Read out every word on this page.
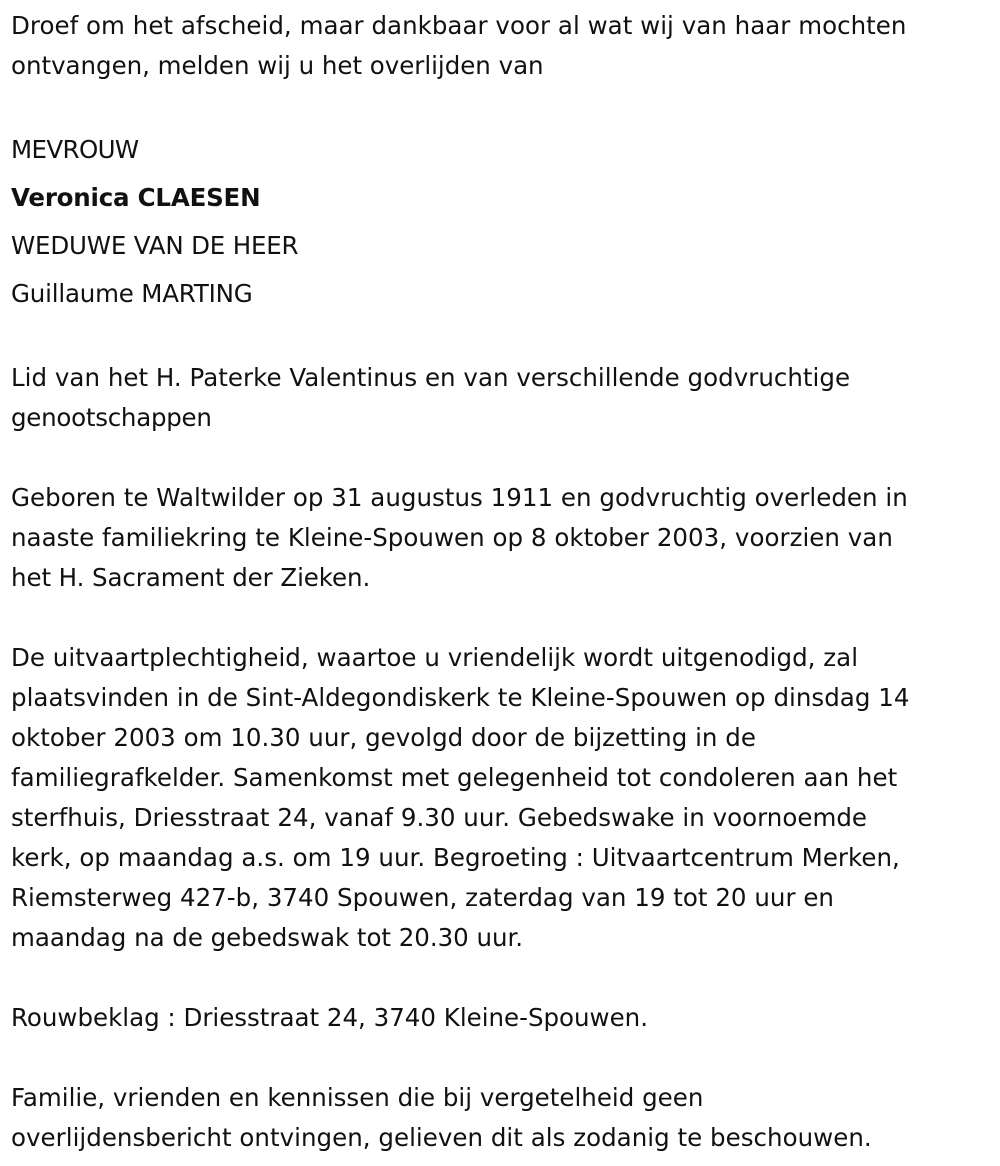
Droef om het afscheid, maar dankbaar voor al wat wij van haar mochten

ontvangen, melden wij u het overlijden van

MEVROUW

Veronica CLAESEN

WEDUWE VAN DE HEER

Guillaume MARTING

Lid van het H. Paterke Valentinus en van verschillende godvruchtige

genootschappen

Geboren te Waltwilder op 31 augustus 1911 en godvruchtig overleden in

naaste familiekring te Kleine-Spouwen op 8 oktober 2003, voorzien van

het H. Sacrament der Zieken.

De uitvaartplechtigheid, waartoe u vriendelijk wordt uitgenodigd, zal

plaatsvinden in de Sint-Aldegondiskerk te Kleine-Spouwen op dinsdag 14

oktober 2003 om 10.30 uur, gevolgd door de bijzetting in de

familiegrafkelder. Samenkomst met gelegenheid tot condoleren aan het

sterfhuis, Driesstraat 24, vanaf 9.30 uur. Gebedswake in voornoemde

kerk, op maandag a.s. om 19 uur. Begroeting : Uitvaartcentrum Merken,

Riemsterweg 427-b, 3740 Spouwen, zaterdag van 19 tot 20 uur en

maandag na de gebedswak tot 20.30 uur.

Rouwbeklag : Driesstraat 24, 3740 Kleine-Spouwen.

Familie, vrienden en kennissen die bij vergetelheid geen

overlijdensbericht ontvingen, gelieven dit als zodanig te beschouwen.
